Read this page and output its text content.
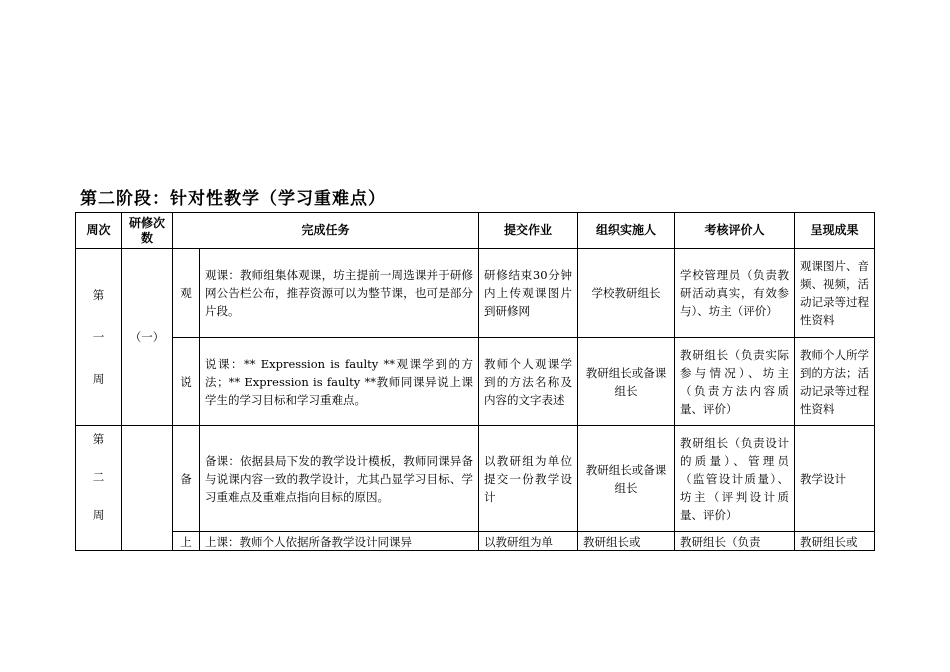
第二阶段：针对性教学（学习重难点）
周次	研修次数	完成任务		提交作业	组织实施人	考核评价人	呈现成果

第
一
周	（一）	观	观课：教师组集体观课，坊主提前一周选课并于研修网公告栏公布，推荐资源可以为整节课，也可是部分片段。	研修结束30分钟内上传观课图片到研修网	学校教研组长	学校管理员（负责教研活动真实，有效参与）、坊主（评价）	观课图片、音频、视频，活动记录等过程性资料
		说	说课：** Expression is faulty **观课学到的方法；** Expression is faulty **教师同课异说上课学生的学习目标和学习重难点。	教师个人观课学到的方法名称及内容的文字表述	教研组长或备课组长	教研组长（负责实际参与情况）、坊主（负责方法内容质量、评价）	教师个人所学到的方法；活动记录等过程性资料

第
二
周		备	备课：依据县局下发的教学设计模板，教师同课异备与说课内容一致的教学设计，尤其凸显学习目标、学习重难点及重难点指向目标的原因。	以教研组为单位提交一份教学设计	教研组长或备课组长	教研组长（负责设计的质量）、管理员（监管设计质量）、坊主（评判设计质量、评价）	教学设计

		上	上课：教师个人依据所备教学设计同课异	以教研组为单	教研组长或	教研组长（负责	教研组长或
